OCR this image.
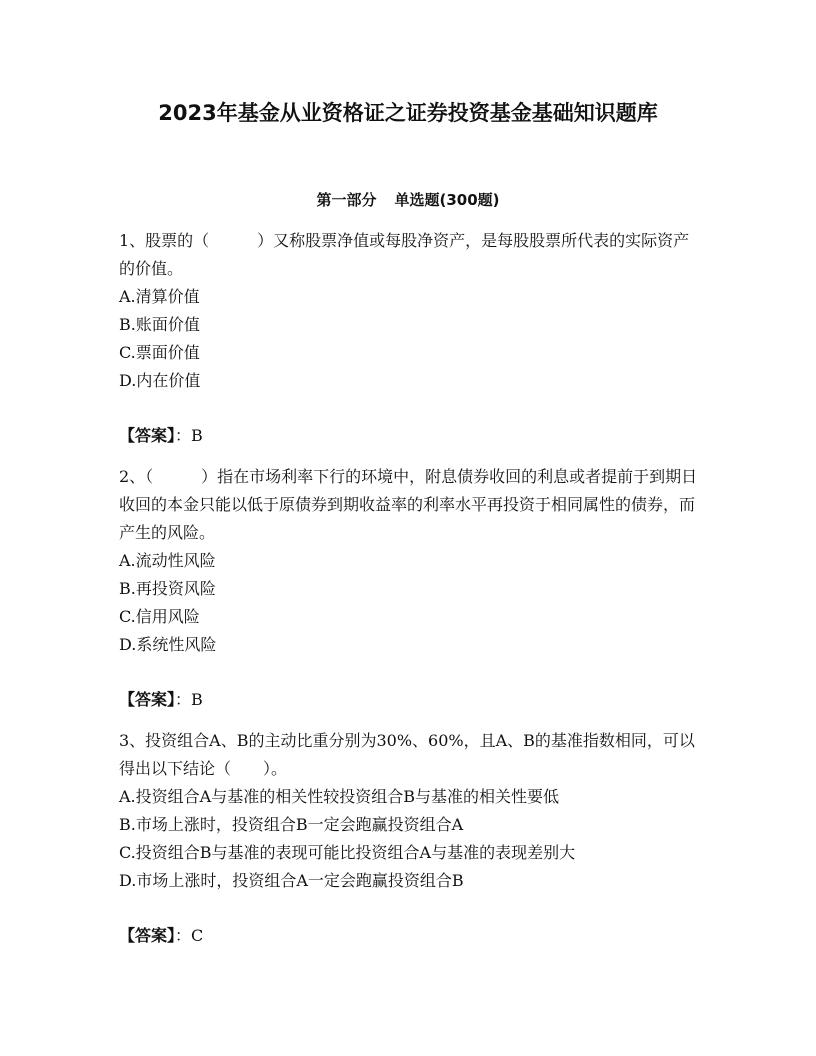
2023年基金从业资格证之证券投资基金基础知识题库
第一部分 单选题(300题)

1、股票的（　　　）又称股票净值或每股净资产，是每股股票所代表的实际资产的价值。

A.清算价值
B.账面价值
C.票面价值
D.内在价值
【答案】：B

2、（　　　）指在市场利率下行的环境中，附息债券收回的利息或者提前于到期日收回的本金只能以低于原债券到期收益率的利率水平再投资于相同属性的债券，而产生的风险。

A.流动性风险
B.再投资风险
C.信用风险
D.系统性风险
【答案】：B

3、投资组合A、B的主动比重分别为30%、60%，且A、B的基准指数相同，可以得出以下结论（　　）。

A.投资组合A与基准的相关性较投资组合B与基准的相关性要低
B.市场上涨时，投资组合B一定会跑赢投资组合A
C.投资组合B与基准的表现可能比投资组合A与基准的表现差别大
D.市场上涨时，投资组合A一定会跑赢投资组合B
【答案】：C
